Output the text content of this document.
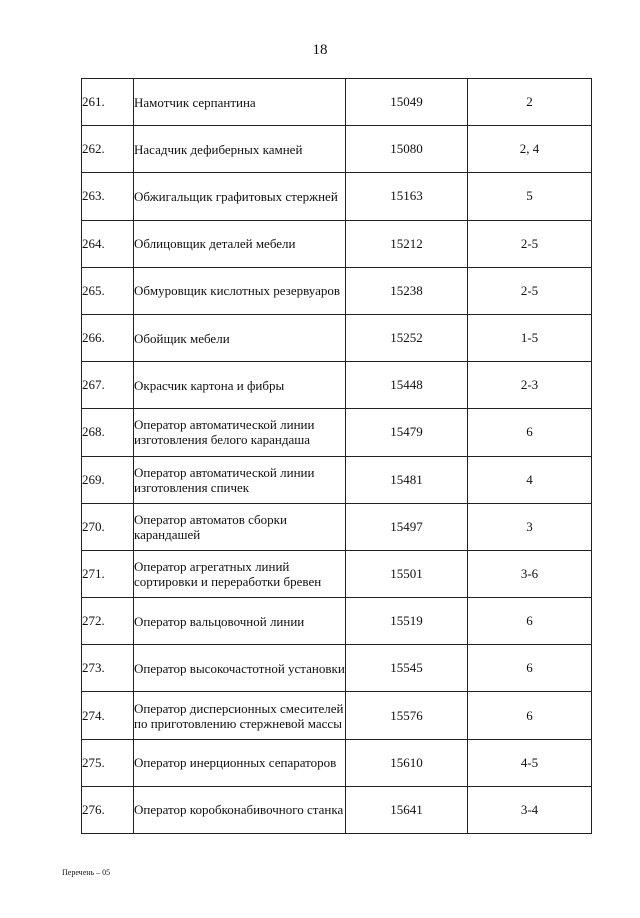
18
261.	Намотчик серпантина	15049	2
262.	Насадчик дефиберных камней	15080	2, 4
263.	Обжигальщик графитовых стержней	15163	5
264.	Облицовщик деталей мебели	15212	2-5
265.	Обмуровщик кислотных резервуаров	15238	2-5
266.	Обойщик мебели	15252	1-5
267.	Окрасчик картона и фибры	15448	2-3
268.	Оператор автоматической линии изготовления белого карандаша	15479	6
269.	Оператор автоматической линии изготовления спичек	15481	4
270.	Оператор автоматов сборки карандашей	15497	3
271.	Оператор агрегатных линий сортировки и переработки бревен	15501	3-6
272.	Оператор вальцовочной линии	15519	6
273.	Оператор высокочастотной установки	15545	6
274.	Оператор дисперсионных смесителей по приготовлению стержневой массы	15576	6
275.	Оператор инерционных сепараторов	15610	4-5
276.	Оператор коробконабивочного станка	15641	3-4
Перечень – 05
